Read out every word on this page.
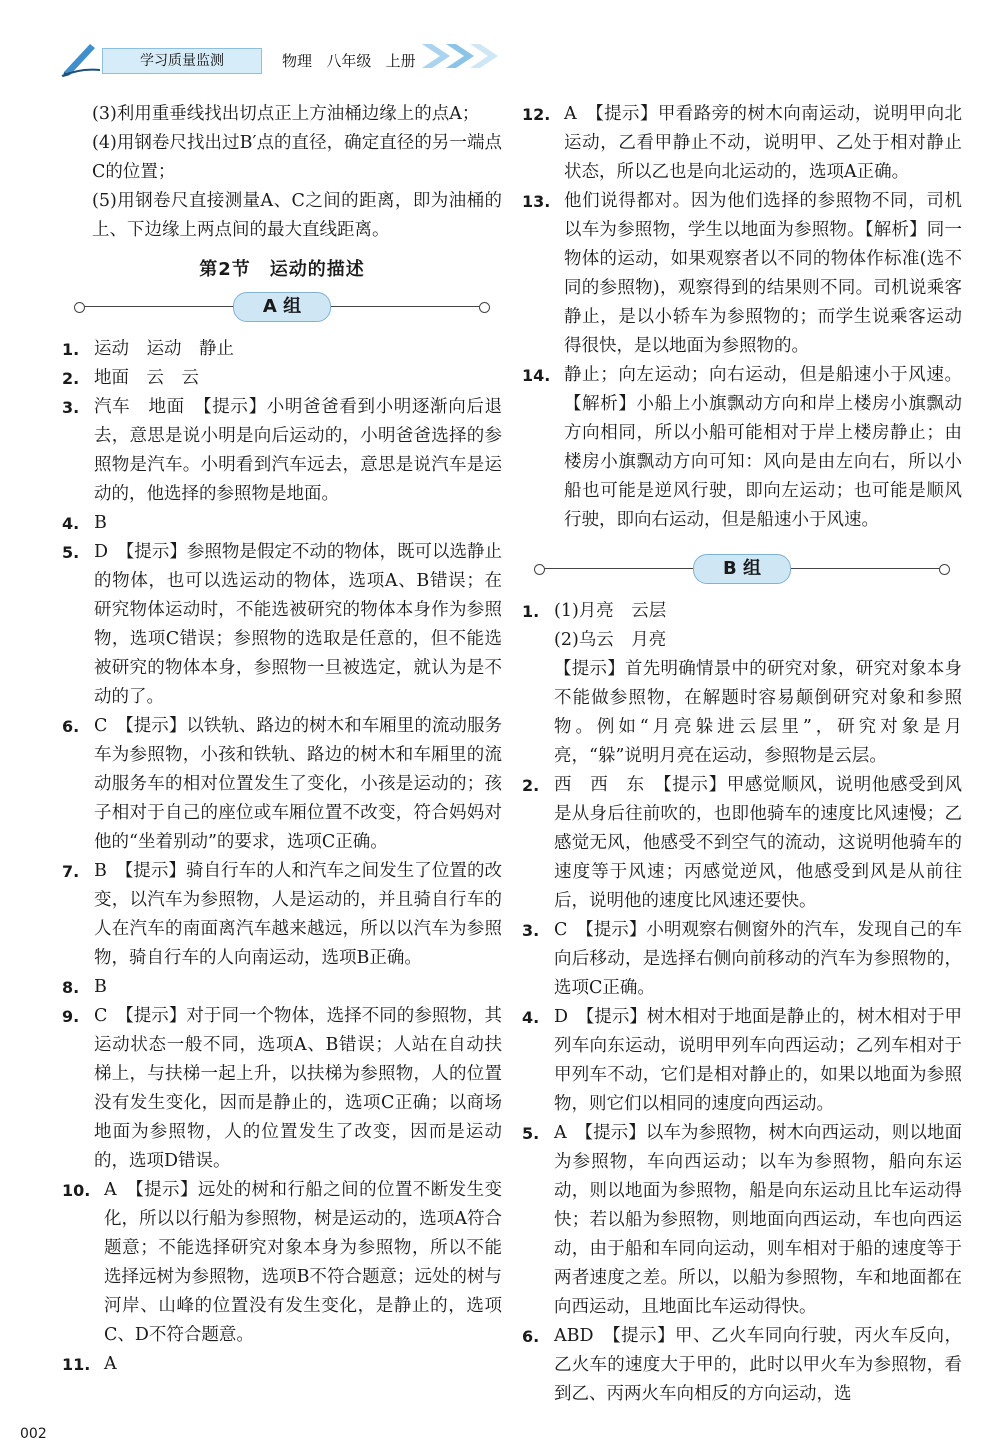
学习质量监测	物理 八年级 上册

(3)利用重垂线找出切点正上方油桶边缘上的点A；

(4)用钢卷尺找出过B′点的直径，确定直径的另一端点C的位置；

(5)用钢卷尺直接测量A、C之间的距离，即为油桶的上、下边缘上两点间的最大直线距离。

第2节　运动的描述
A 组
1. 运动　运动　静止
2. 地面　云　云
3. 汽车　地面　【提示】小明爸爸看到小明逐渐向后退去，意思是说小明是向后运动的，小明爸爸选择的参照物是汽车。小明看到汽车远去，意思是说汽车是运动的，他选择的参照物是地面。
4. B
5. D　【提示】参照物是假定不动的物体，既可以选静止的物体，也可以选运动的物体，选项A、B错误；在研究物体运动时，不能选被研究的物体本身作为参照物，选项C错误；参照物的选取是任意的，但不能选被研究的物体本身，参照物一旦被选定，就认为是不动的了。
6. C　【提示】以铁轨、路边的树木和车厢里的流动服务车为参照物，小孩和铁轨、路边的树木和车厢里的流动服务车的相对位置发生了变化，小孩是运动的；孩子相对于自己的座位或车厢位置不改变，符合妈妈对他的“坐着别动”的要求，选项C正确。
7. B　【提示】骑自行车的人和汽车之间发生了位置的改变，以汽车为参照物，人是运动的，并且骑自行车的人在汽车的南面离汽车越来越远，所以以汽车为参照物，骑自行车的人向南运动，选项B正确。
8. B
9. C　【提示】对于同一个物体，选择不同的参照物，其运动状态一般不同，选项A、B错误；人站在自动扶梯上，与扶梯一起上升，以扶梯为参照物，人的位置没有发生变化，因而是静止的，选项C正确；以商场地面为参照物，人的位置发生了改变，因而是运动的，选项D错误。
10. A　【提示】远处的树和行船之间的位置不断发生变化，所以以行船为参照物，树是运动的，选项A符合题意；不能选择研究对象本身为参照物，所以不能选择远树为参照物，选项B不符合题意；远处的树与河岸、山峰的位置没有发生变化，是静止的，选项C、D不符合题意。
11. A
12. A　【提示】甲看路旁的树木向南运动，说明甲向北运动，乙看甲静止不动，说明甲、乙处于相对静止状态，所以乙也是向北运动的，选项A正确。
13. 他们说得都对。因为他们选择的参照物不同，司机以车为参照物，学生以地面为参照物。【解析】同一物体的运动，如果观察者以不同的物体作标准(选不同的参照物)，观察得到的结果则不同。司机说乘客静止，是以小轿车为参照物的；而学生说乘客运动得很快，是以地面为参照物的。
14. 静止；向左运动；向右运动，但是船速小于风速。【解析】小船上小旗飘动方向和岸上楼房小旗飘动方向相同，所以小船可能相对于岸上楼房静止；由楼房小旗飘动方向可知：风向是由左向右，所以小船也可能是逆风行驶，即向左运动；也可能是顺风行驶，即向右运动，但是船速小于风速。
B 组
1. (1)月亮　云层
(2)乌云　月亮
【提示】首先明确情景中的研究对象，研究对象本身不能做参照物，在解题时容易颠倒研究对象和参照物。例如“月亮躲进云层里”，研究对象是月亮，“躲”说明月亮在运动，参照物是云层。
2. 西　西　东　【提示】甲感觉顺风，说明他感受到风是从身后往前吹的，也即他骑车的速度比风速慢；乙感觉无风，他感受不到空气的流动，这说明他骑车的速度等于风速；丙感觉逆风，他感受到风是从前往后，说明他的速度比风速还要快。
3. C　【提示】小明观察右侧窗外的汽车，发现自己的车向后移动，是选择右侧向前移动的汽车为参照物的，选项C正确。
4. D　【提示】树木相对于地面是静止的，树木相对于甲列车向东运动，说明甲列车向西运动；乙列车相对于甲列车不动，它们是相对静止的，如果以地面为参照物，则它们以相同的速度向西运动。
5. A　【提示】以车为参照物，树木向西运动，则以地面为参照物，车向西运动；以车为参照物，船向东运动，则以地面为参照物，船是向东运动且比车运动得快；若以船为参照物，则地面向西运动，车也向西运动，由于船和车同向运动，则车相对于船的速度等于两者速度之差。所以，以船为参照物，车和地面都在向西运动，且地面比车运动得快。
6. ABD　【提示】甲、乙火车同向行驶，丙火车反向，乙火车的速度大于甲的，此时以甲火车为参照物，看到乙、丙两火车向相反的方向运动，选
002
